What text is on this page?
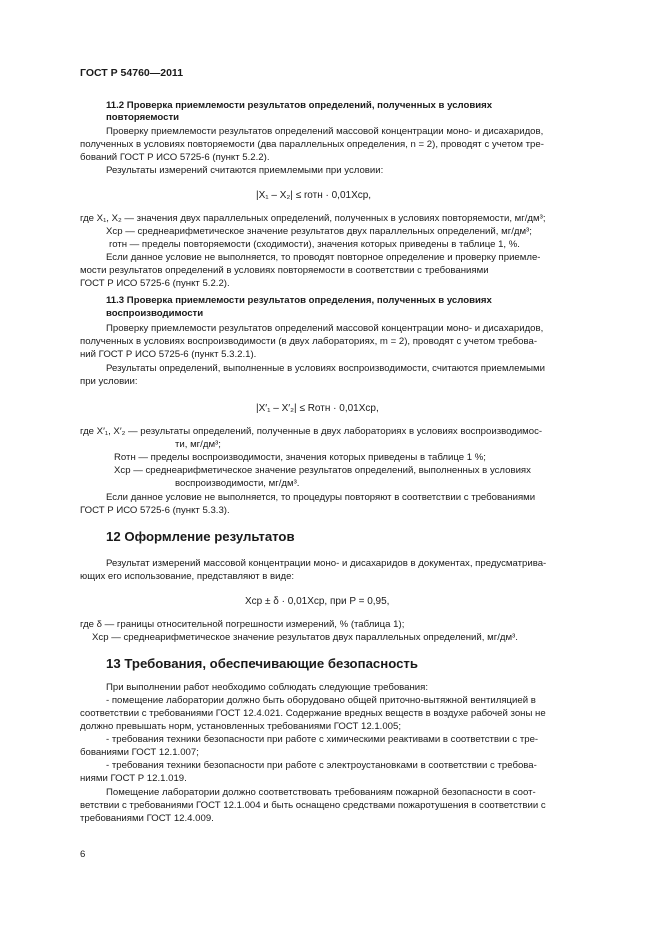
ГОСТ Р 54760—2011
11.2 Проверка приемлемости результатов определений, полученных в условиях
повторяемости
Проверку приемлемости результатов определений массовой концентрации моно- и дисахаридов,
полученных в условиях повторяемости (два параллельных определения, n = 2), проводят с учетом тре-
бований ГОСТ Р ИСО 5725-6 (пункт 5.2.2).
Результаты измерений считаются приемлемыми при условии:
|X₁ – X₂| ≤ rотн · 0,01Xср,
где X₁, X₂ — значения двух параллельных определений, полученных в условиях повторяемости, мг/дм³;
Xср — среднеарифметическое значение результатов двух параллельных определений, мг/дм³;
rотн — пределы повторяемости (сходимости), значения которых приведены в таблице 1, %.
Если данное условие не выполняется, то проводят повторное определение и проверку приемле-
мости результатов определений в условиях повторяемости в соответствии с требованиями
ГОСТ Р ИСО 5725-6 (пункт 5.2.2).
11.3 Проверка приемлемости результатов определения, полученных в условиях
воспроизводимости
Проверку приемлемости результатов определений массовой концентрации моно- и дисахаридов,
полученных в условиях воспроизводимости (в двух лабораториях, m = 2), проводят с учетом требова-
ний ГОСТ Р ИСО 5725-6 (пункт 5.3.2.1).
Результаты определений, выполненные в условиях воспроизводимости, считаются приемлемыми
при условии:
|X′₁ – X′₂| ≤ Rотн · 0,01Xср,
где X′₁, X′₂ — результаты определений, полученные в двух лабораториях в условиях воспроизводимос-
ти, мг/дм³;
Rотн — пределы воспроизводимости, значения которых приведены в таблице 1 %;
Xср — среднеарифметическое значение результатов определений, выполненных в условиях
воспроизводимости, мг/дм³.
Если данное условие не выполняется, то процедуры повторяют в соответствии с требованиями
ГОСТ Р ИСО 5725-6 (пункт 5.3.3).
12 Оформление результатов
Результат измерений массовой концентрации моно- и дисахаридов в документах, предусматрива-
ющих его использование, представляют в виде:
Xср ± δ · 0,01Xср, при P = 0,95,
где δ — границы относительной погрешности измерений, % (таблица 1);
Xср — среднеарифметическое значение результатов двух параллельных определений, мг/дм³.
13 Требования, обеспечивающие безопасность
При выполнении работ необходимо соблюдать следующие требования:
- помещение лаборатории должно быть оборудовано общей приточно-вытяжной вентиляцией в
соответствии с требованиями ГОСТ 12.4.021. Содержание вредных веществ в воздухе рабочей зоны не
должно превышать норм, установленных требованиями ГОСТ 12.1.005;
- требования техники безопасности при работе с химическими реактивами в соответствии с тре-
бованиями ГОСТ 12.1.007;
- требования техники безопасности при работе с электроустановками в соответствии с требова-
ниями ГОСТ Р 12.1.019.
Помещение лаборатории должно соответствовать требованиям пожарной безопасности в соот-
ветствии с требованиями ГОСТ 12.1.004 и быть оснащено средствами пожаротушения в соответствии с
требованиями ГОСТ 12.4.009.
6
